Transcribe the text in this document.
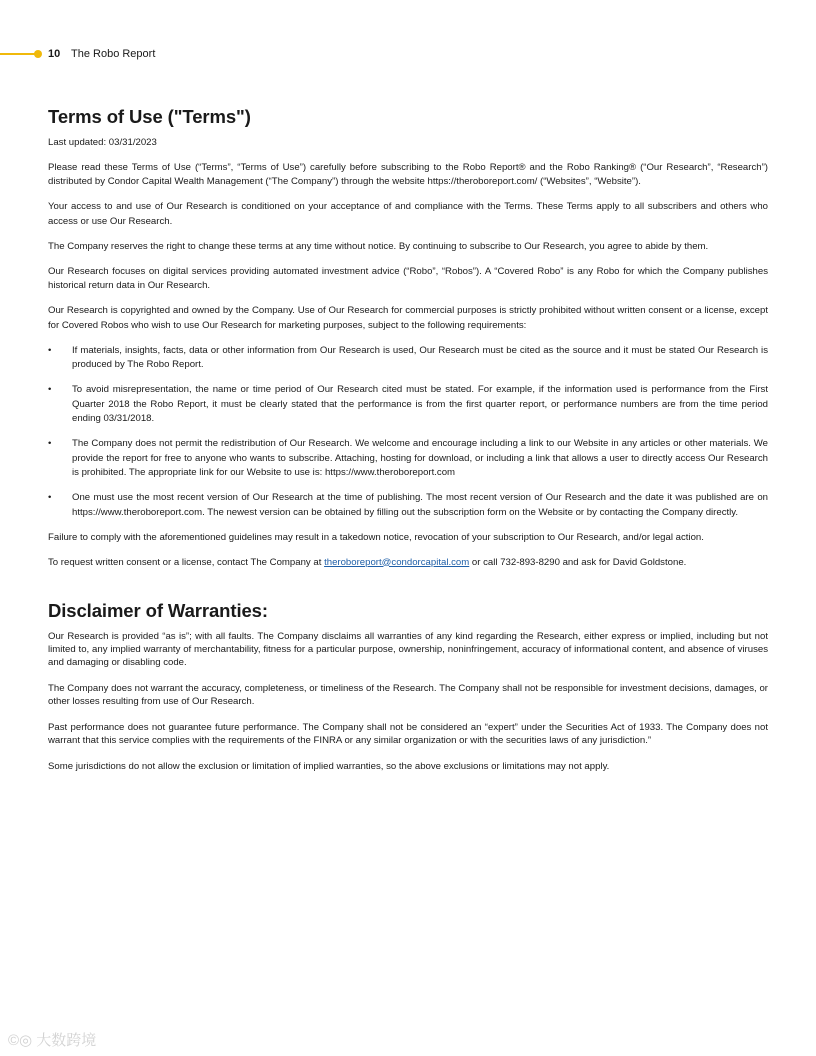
10 The Robo Report
Terms of Use ("Terms")

Last updated: 03/31/2023

Please read these Terms of Use (“Terms”, “Terms of Use”) carefully before subscribing to the Robo Report® and the Robo Ranking® (“Our Research”, “Research”) distributed by Condor Capital Wealth Management (“The Company”) through the website https://theroboreport.com/ (“Websites”, “Website”).

Your access to and use of Our Research is conditioned on your acceptance of and compliance with the Terms. These Terms apply to all subscribers and others who access or use Our Research.

The Company reserves the right to change these terms at any time without notice. By continuing to subscribe to Our Research, you agree to abide by them.

Our Research focuses on digital services providing automated investment advice (“Robo”, “Robos”). A “Covered Robo” is any Robo for which the Company publishes historical return data in Our Research.

Our Research is copyrighted and owned by the Company. Use of Our Research for commercial purposes is strictly prohibited without written consent or a license, except for Covered Robos who wish to use Our Research for marketing purposes, subject to the following requirements:

• If materials, insights, facts, data or other information from Our Research is used, Our Research must be cited as the source and it must be stated Our Research is produced by The Robo Report.
• To avoid misrepresentation, the name or time period of Our Research cited must be stated. For example, if the information used is performance from the First Quarter 2018 the Robo Report, it must be clearly stated that the performance is from the first quarter report, or performance numbers are from the time period ending 03/31/2018.
• The Company does not permit the redistribution of Our Research. We welcome and encourage including a link to our Website in any articles or other materials. We provide the report for free to anyone who wants to subscribe. Attaching, hosting for download, or including a link that allows a user to directly access Our Research is prohibited. The appropriate link for our Website to use is: https://www.theroboreport.com
• One must use the most recent version of Our Research at the time of publishing. The most recent version of Our Research and the date it was published are on https://www.theroboreport.com. The newest version can be obtained by filling out the subscription form on the Website or by contacting the Company directly.

Failure to comply with the aforementioned guidelines may result in a takedown notice, revocation of your subscription to Our Research, and/or legal action.

To request written consent or a license, contact The Company at theroboreport@condorcapital.com or call 732-893-8290 and ask for David Goldstone.

Disclaimer of Warranties:

Our Research is provided “as is”; with all faults. The Company disclaims all warranties of any kind regarding the Research, either express or implied, including but not limited to, any implied warranty of merchantability, fitness for a particular purpose, ownership, noninfringement, accuracy of informational content, and absence of viruses and damaging or disabling code.

The Company does not warrant the accuracy, completeness, or timeliness of the Research. The Company shall not be responsible for investment decisions, damages, or other losses resulting from use of Our Research.

Past performance does not guarantee future performance. The Company shall not be considered an “expert” under the Securities Act of 1933. The Company does not warrant that this service complies with the requirements of the FINRA or any similar organization or with the securities laws of any jurisdiction.”

Some jurisdictions do not allow the exclusion or limitation of implied warranties, so the above exclusions or limitations may not apply.

©◎ 大数跨境
